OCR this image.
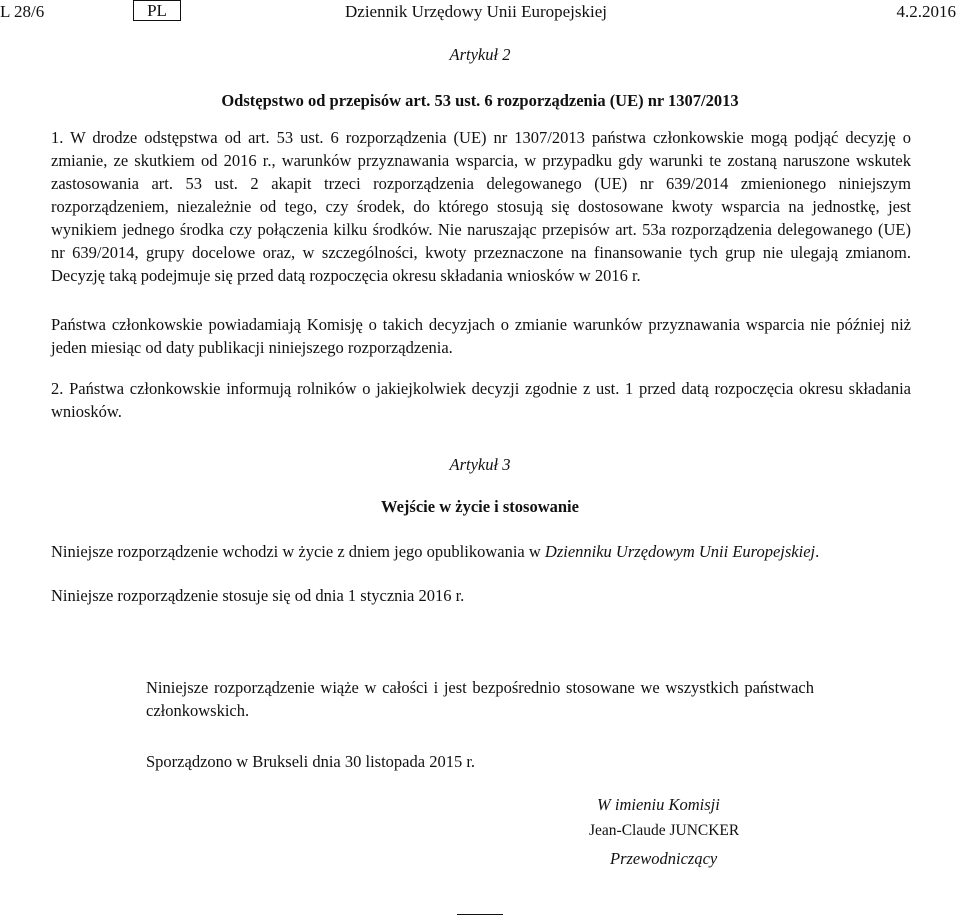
L 28/6	PL	Dziennik Urzędowy Unii Europejskiej	4.2.2016
Artykuł 2
Odstępstwo od przepisów art. 53 ust. 6 rozporządzenia (UE) nr 1307/2013
1. W drodze odstępstwa od art. 53 ust. 6 rozporządzenia (UE) nr 1307/2013 państwa członkowskie mogą podjąć decyzję o zmianie, ze skutkiem od 2016 r., warunków przyznawania wsparcia, w przypadku gdy warunki te zostaną naruszone wskutek zastosowania art. 53 ust. 2 akapit trzeci rozporządzenia delegowanego (UE) nr 639/2014 zmienionego niniejszym rozporządzeniem, niezależnie od tego, czy środek, do którego stosują się dostosowane kwoty wsparcia na jednostkę, jest wynikiem jednego środka czy połączenia kilku środków. Nie naruszając przepisów art. 53a rozporządzenia delegowanego (UE) nr 639/2014, grupy docelowe oraz, w szczególności, kwoty przeznaczone na finansowanie tych grup nie ulegają zmianom. Decyzję taką podejmuje się przed datą rozpoczęcia okresu składania wniosków w 2016 r.
Państwa członkowskie powiadamiają Komisję o takich decyzjach o zmianie warunków przyznawania wsparcia nie później niż jeden miesiąc od daty publikacji niniejszego rozporządzenia.
2. Państwa członkowskie informują rolników o jakiejkolwiek decyzji zgodnie z ust. 1 przed datą rozpoczęcia okresu składania wniosków.
Artykuł 3
Wejście w życie i stosowanie
Niniejsze rozporządzenie wchodzi w życie z dniem jego opublikowania w Dzienniku Urzędowym Unii Europejskiej.
Niniejsze rozporządzenie stosuje się od dnia 1 stycznia 2016 r.
Niniejsze rozporządzenie wiąże w całości i jest bezpośrednio stosowane we wszystkich państwach członkowskich.
Sporządzono w Brukseli dnia 30 listopada 2015 r.
W imieniu Komisji
Jean-Claude JUNCKER
Przewodniczący
